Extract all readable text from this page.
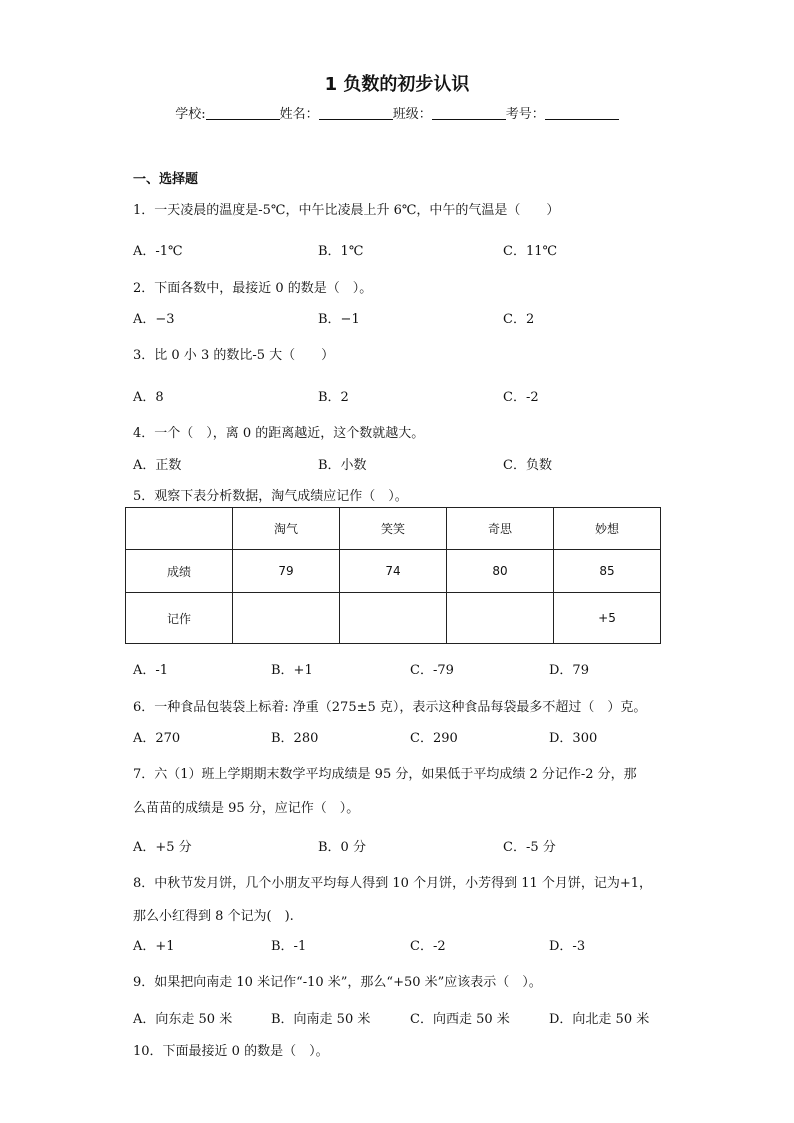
1 负数的初步认识
学校:	姓名：	班级：	考号：
一、选择题
1．一天凌晨的温度是-5℃，中午比凌晨上升 6℃，中午的气温是（　　）
A．-1℃	B．1℃	C．11℃
2．下面各数中，最接近 0 的数是（　）。
A．−3	B．−1	C．2
3．比 0 小 3 的数比-5 大（　　）
A．8	B．2	C．-2
4．一个（　），离 0 的距离越近，这个数就越大。
A．正数	B．小数	C．负数
5．观察下表分析数据，淘气成绩应记作（　）。
	淘气	笑笑	奇思	妙想
成绩	79	74	80	85
记作				+5
A．-1	B．+1	C．-79	D．79
6．一种食品包装袋上标着: 净重（275±5 克），表示这种食品每袋最多不超过（　）克。
A．270	B．280	C．290	D．300
7．六（1）班上学期期末数学平均成绩是 95 分，如果低于平均成绩 2 分记作-2 分，那
么苗苗的成绩是 95 分，应记作（　）。
A．+5 分	B．0 分	C．-5 分
8．中秋节发月饼，几个小朋友平均每人得到 10 个月饼，小芳得到 11 个月饼，记为+1，
那么小红得到 8 个记为(　).
A．+1	B．-1	C．-2	D．-3
9．如果把向南走 10 米记作“-10 米”，那么“+50 米”应该表示（　）。
A．向东走 50 米	B．向南走 50 米	C．向西走 50 米	D．向北走 50 米
10．下面最接近 0 的数是（　）。
